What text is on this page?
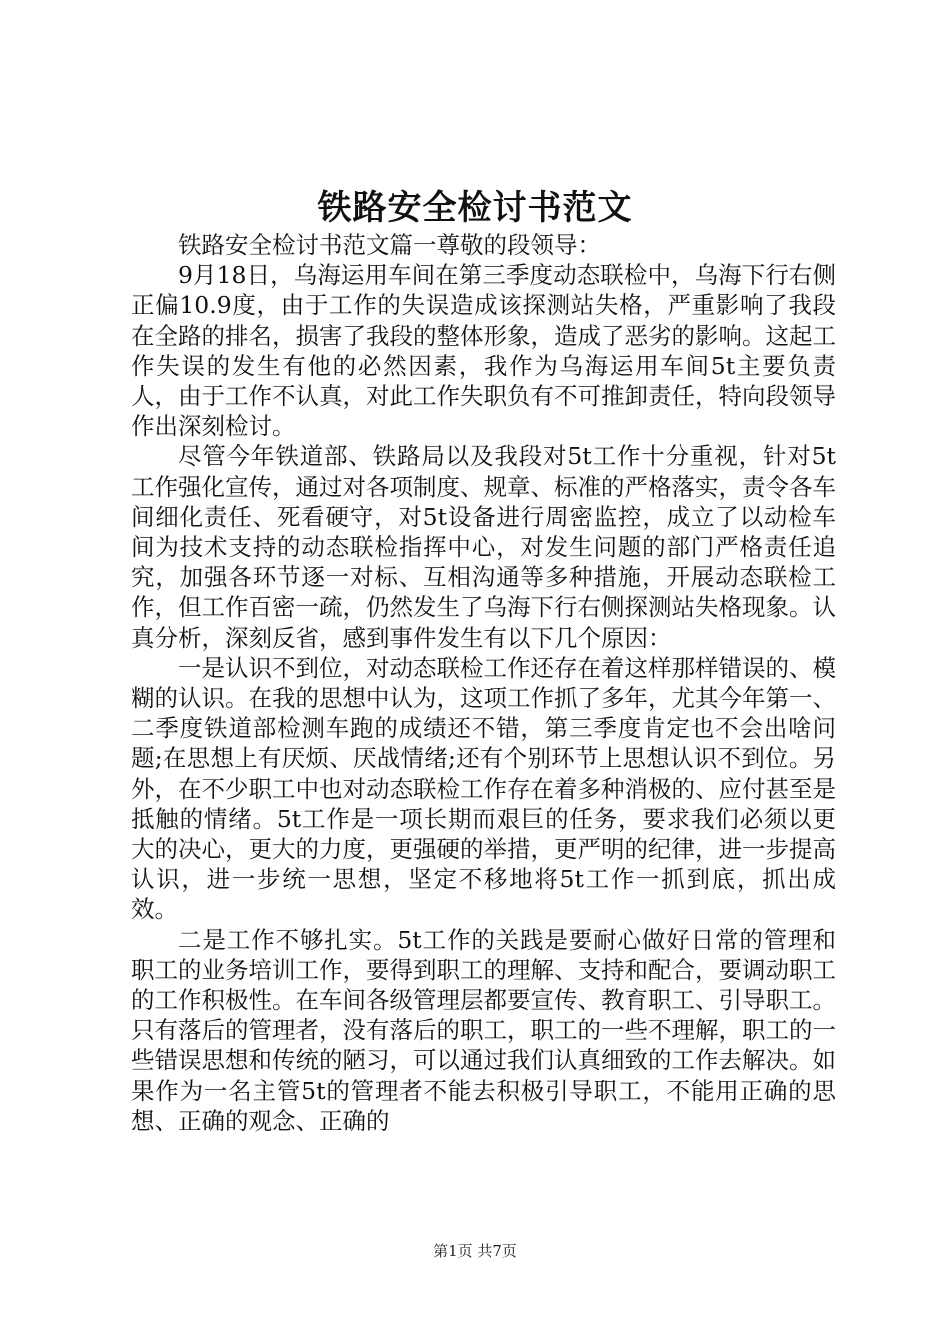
铁路安全检讨书范文

铁路安全检讨书范文篇一尊敬的段领导：

9月18日，乌海运用车间在第三季度动态联检中，乌海下行右侧正偏10.9度，由于工作的失误造成该探测站失格，严重影响了我段在全路的排名，损害了我段的整体形象，造成了恶劣的影响。这起工作失误的发生有他的必然因素，我作为乌海运用车间5t主要负责人，由于工作不认真，对此工作失职负有不可推卸责任，特向段领导作出深刻检讨。

尽管今年铁道部、铁路局以及我段对5t工作十分重视，针对5t工作强化宣传，通过对各项制度、规章、标准的严格落实，责令各车间细化责任、死看硬守，对5t设备进行周密监控，成立了以动检车间为技术支持的动态联检指挥中心，对发生问题的部门严格责任追究，加强各环节逐一对标、互相沟通等多种措施，开展动态联检工作，但工作百密一疏，仍然发生了乌海下行右侧探测站失格现象。认真分析，深刻反省，感到事件发生有以下几个原因：

一是认识不到位，对动态联检工作还存在着这样那样错误的、模糊的认识。在我的思想中认为，这项工作抓了多年，尤其今年第一、二季度铁道部检测车跑的成绩还不错，第三季度肯定也不会出啥问题;在思想上有厌烦、厌战情绪;还有个别环节上思想认识不到位。另外，在不少职工中也对动态联检工作存在着多种消极的、应付甚至是抵触的情绪。5t工作是一项长期而艰巨的任务，要求我们必须以更大的决心，更大的力度，更强硬的举措，更严明的纪律，进一步提高认识，进一步统一思想，坚定不移地将5t工作一抓到底，抓出成效。

二是工作不够扎实。5t工作的关践是要耐心做好日常的管理和职工的业务培训工作，要得到职工的理解、支持和配合，要调动职工的工作积极性。在车间各级管理层都要宣传、教育职工、引导职工。只有落后的管理者，没有落后的职工，职工的一些不理解，职工的一些错误思想和传统的陋习，可以通过我们认真细致的工作去解决。如果作为一名主管5t的管理者不能去积极引导职工，不能用正确的思想、正确的观念、正确的

第1页 共7页
